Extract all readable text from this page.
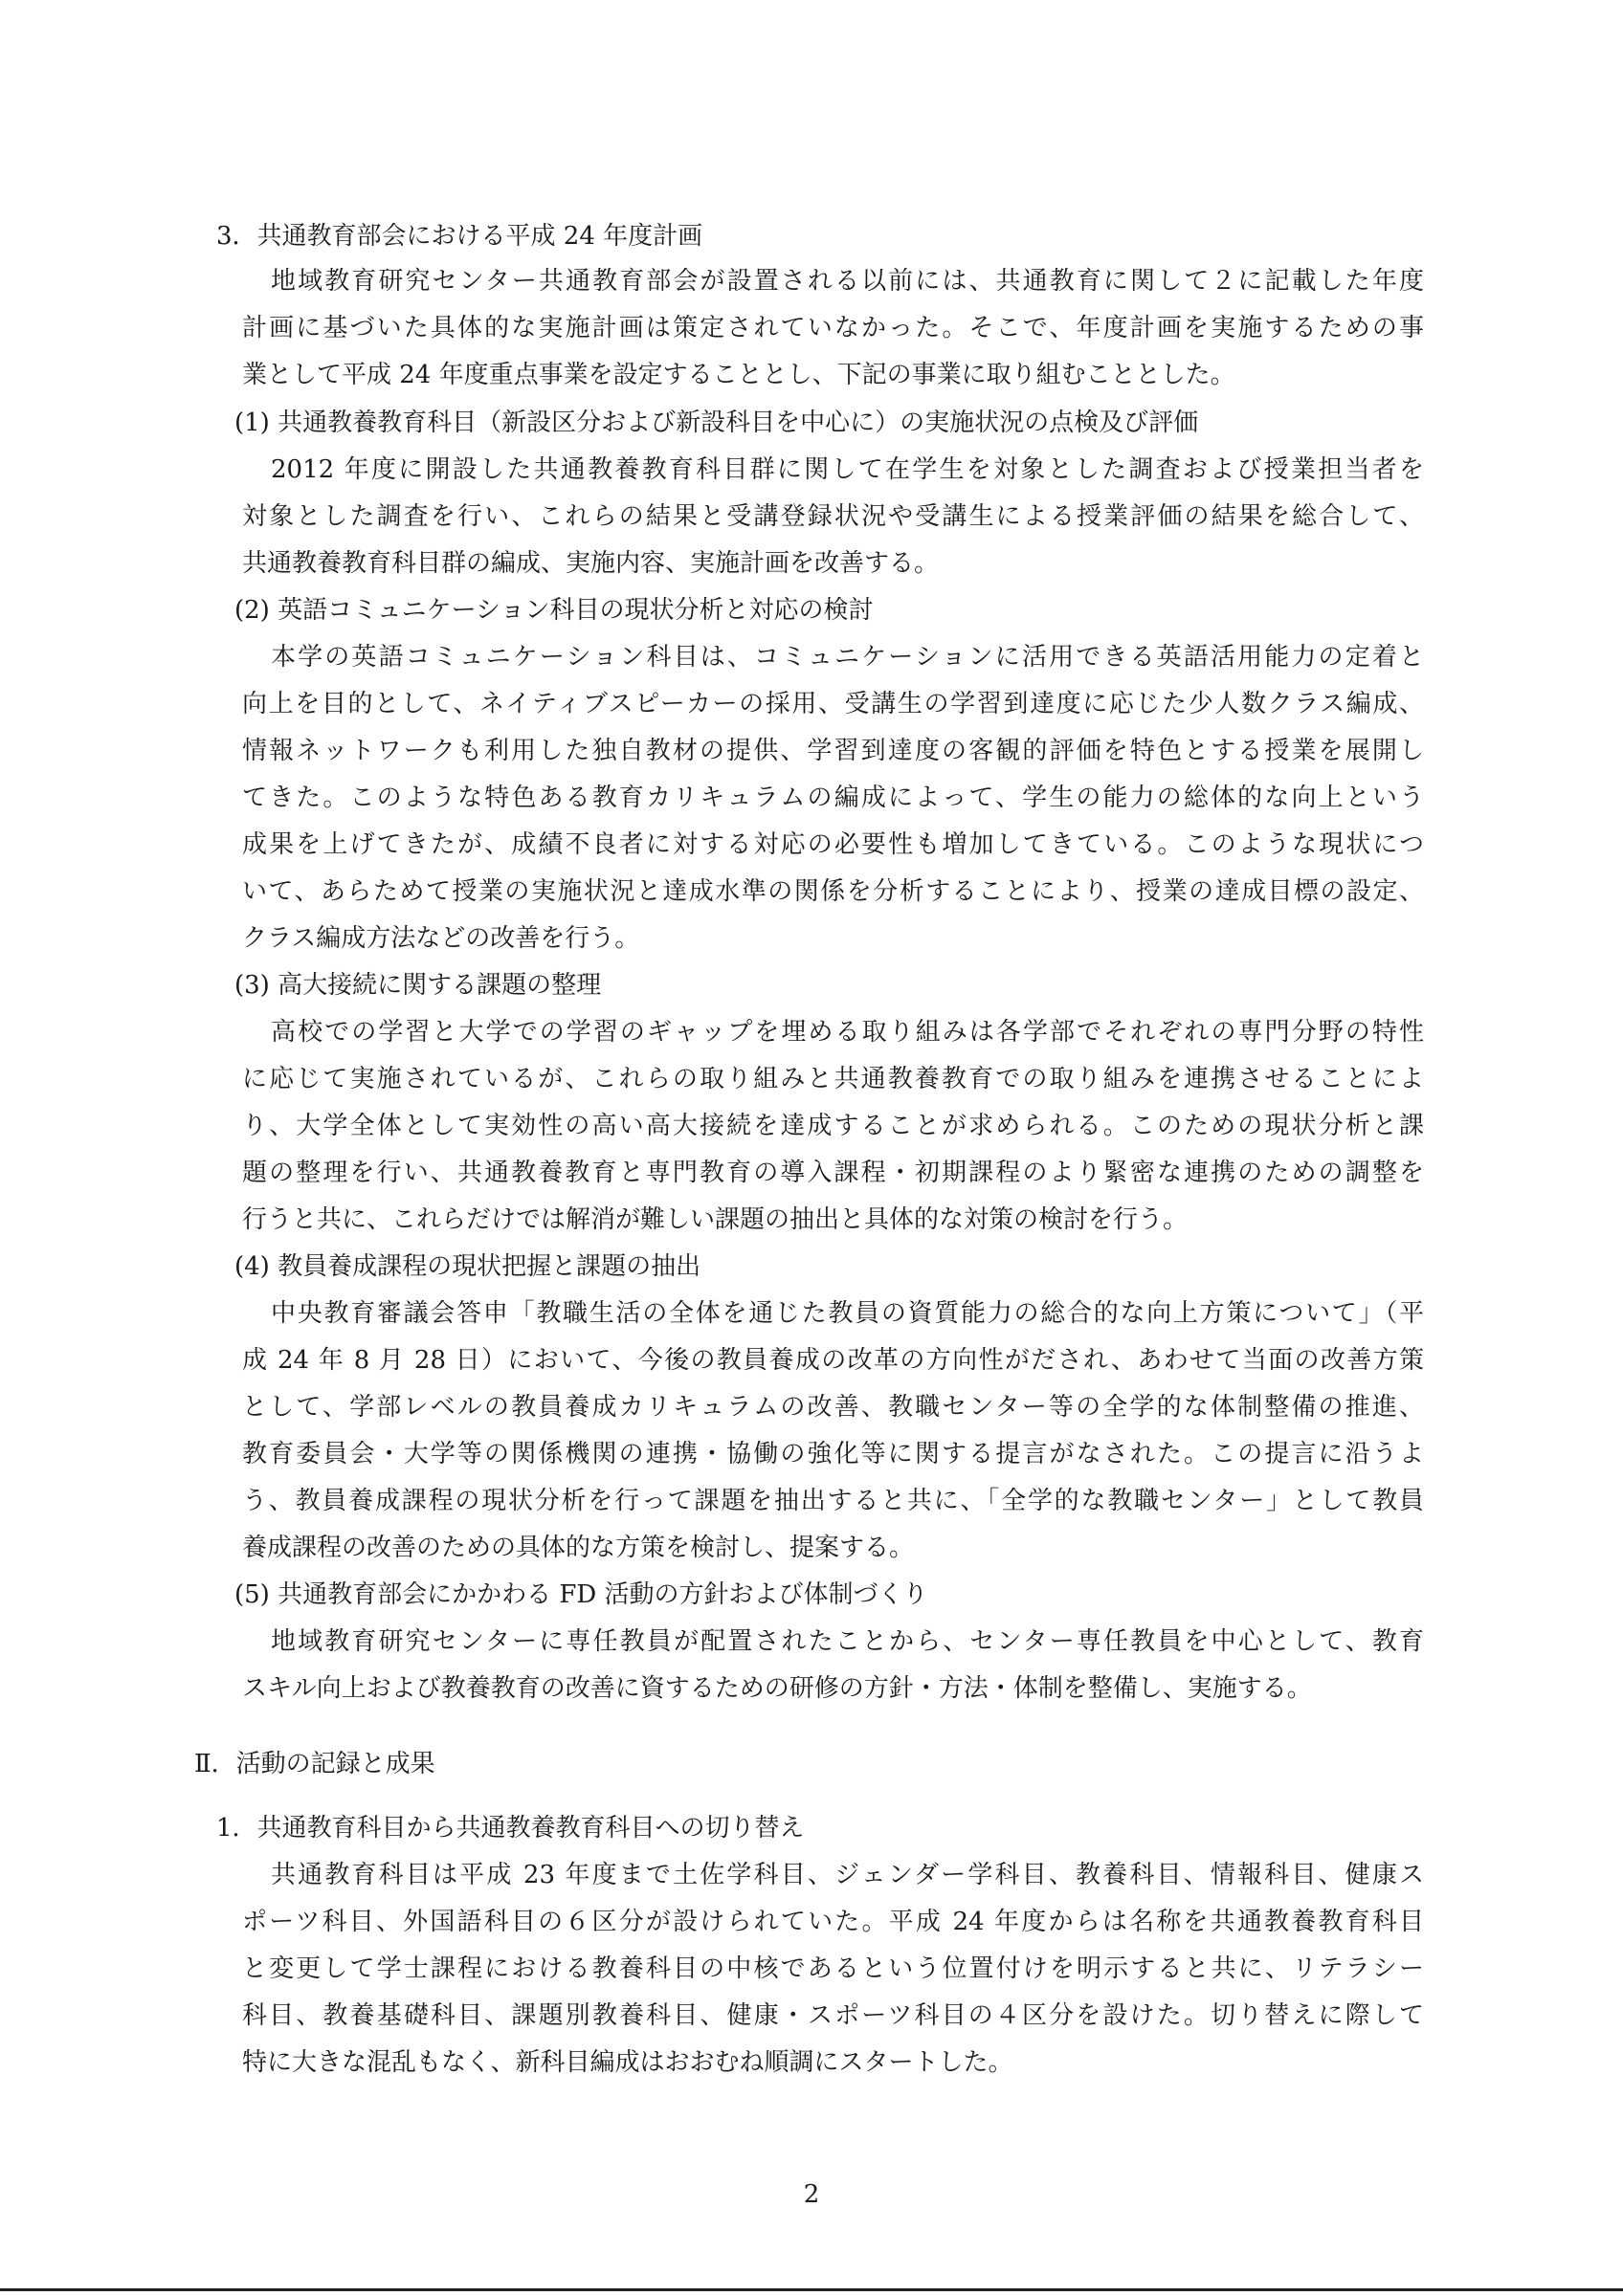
3．共通教育部会における平成 24 年度計画
地域教育研究センター共通教育部会が設置される以前には、共通教育に関して２に記載した年度
計画に基づいた具体的な実施計画は策定されていなかった。そこで、年度計画を実施するための事
業として平成 24 年度重点事業を設定することとし、下記の事業に取り組むこととした。
(1) 共通教養教育科目（新設区分および新設科目を中心に）の実施状況の点検及び評価
2012 年度に開設した共通教養教育科目群に関して在学生を対象とした調査および授業担当者を
対象とした調査を行い、これらの結果と受講登録状況や受講生による授業評価の結果を総合して、
共通教養教育科目群の編成、実施内容、実施計画を改善する。
(2) 英語コミュニケーション科目の現状分析と対応の検討
本学の英語コミュニケーション科目は、コミュニケーションに活用できる英語活用能力の定着と
向上を目的として、ネイティブスピーカーの採用、受講生の学習到達度に応じた少人数クラス編成、
情報ネットワークも利用した独自教材の提供、学習到達度の客観的評価を特色とする授業を展開し
てきた。このような特色ある教育カリキュラムの編成によって、学生の能力の総体的な向上という
成果を上げてきたが、成績不良者に対する対応の必要性も増加してきている。このような現状につ
いて、あらためて授業の実施状況と達成水準の関係を分析することにより、授業の達成目標の設定、
クラス編成方法などの改善を行う。
(3) 高大接続に関する課題の整理
高校での学習と大学での学習のギャップを埋める取り組みは各学部でそれぞれの専門分野の特性
に応じて実施されているが、これらの取り組みと共通教養教育での取り組みを連携させることによ
り、大学全体として実効性の高い高大接続を達成することが求められる。このための現状分析と課
題の整理を行い、共通教養教育と専門教育の導入課程・初期課程のより緊密な連携のための調整を
行うと共に、これらだけでは解消が難しい課題の抽出と具体的な対策の検討を行う。
(4) 教員養成課程の現状把握と課題の抽出
中央教育審議会答申「教職生活の全体を通じた教員の資質能力の総合的な向上方策について」（平
成 24 年 8 月 28 日）において、今後の教員養成の改革の方向性がだされ、あわせて当面の改善方策
として、学部レベルの教員養成カリキュラムの改善、教職センター等の全学的な体制整備の推進、
教育委員会・大学等の関係機関の連携・協働の強化等に関する提言がなされた。この提言に沿うよ
う、教員養成課程の現状分析を行って課題を抽出すると共に、「全学的な教職センター」として教員
養成課程の改善のための具体的な方策を検討し、提案する。
(5) 共通教育部会にかかわる FD 活動の方針および体制づくり
地域教育研究センターに専任教員が配置されたことから、センター専任教員を中心として、教育
スキル向上および教養教育の改善に資するための研修の方針・方法・体制を整備し、実施する。
Ⅱ．活動の記録と成果
1．共通教育科目から共通教養教育科目への切り替え
共通教育科目は平成 23 年度まで土佐学科目、ジェンダー学科目、教養科目、情報科目、健康ス
ポーツ科目、外国語科目の６区分が設けられていた。平成 24 年度からは名称を共通教養教育科目
と変更して学士課程における教養科目の中核であるという位置付けを明示すると共に、リテラシー
科目、教養基礎科目、課題別教養科目、健康・スポーツ科目の４区分を設けた。切り替えに際して
特に大きな混乱もなく、新科目編成はおおむね順調にスタートした。
2
